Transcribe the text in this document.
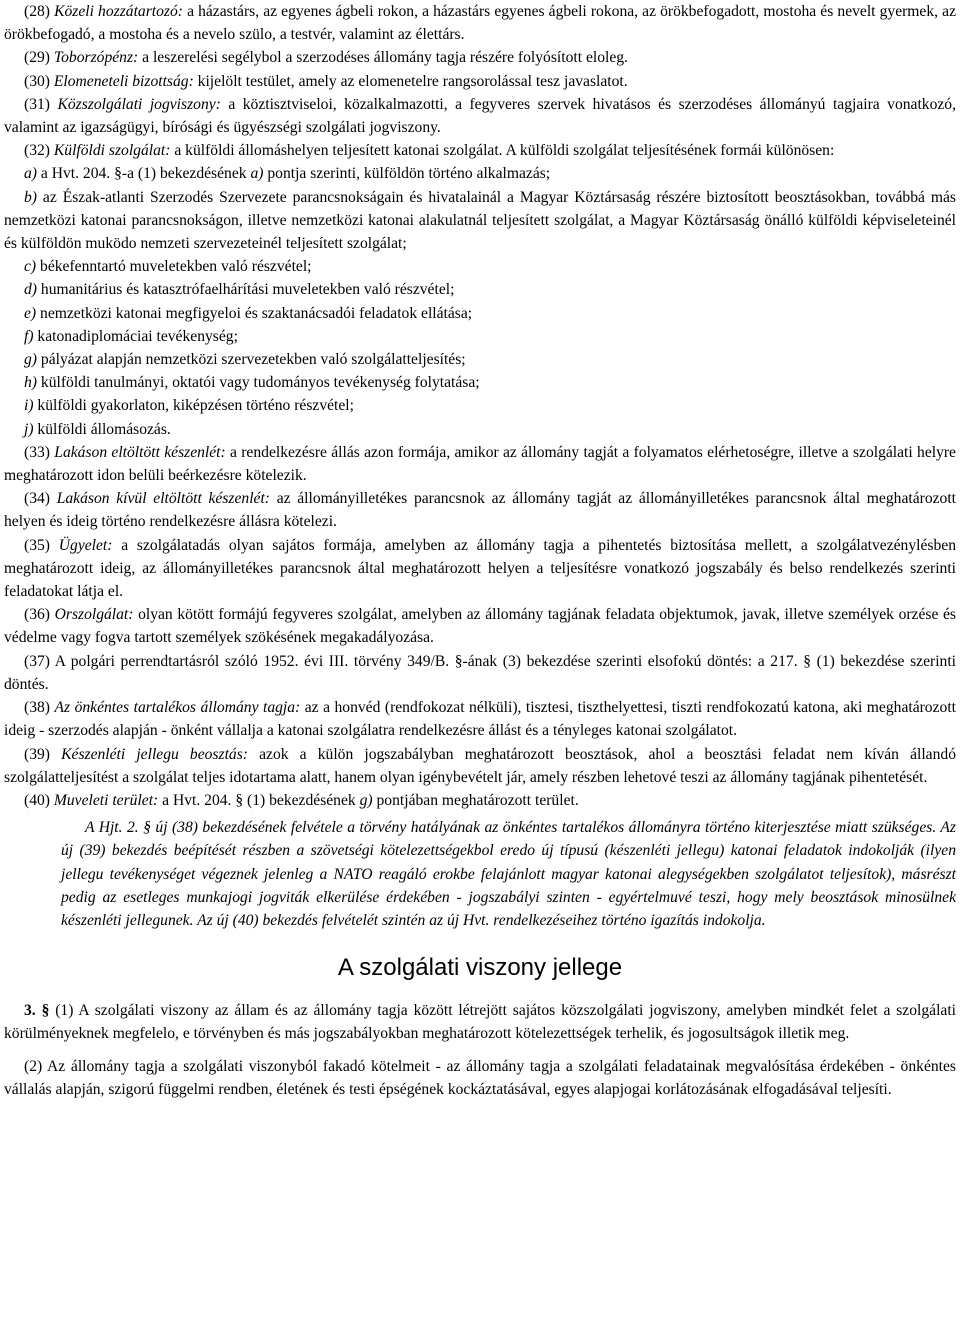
(28) Közeli hozzátartozó: a házastárs, az egyenes ágbeli rokon, a házastárs egyenes ágbeli rokona, az örökbefogadott, mostoha és nevelt gyermek, az örökbefogadó, a mostoha és a nevelo szülo, a testvér, valamint az élettárs.

(29) Toborzópénz: a leszerelési segélybol a szerzodéses állomány tagja részére folyósított eloleg.

(30) Elomeneteli bizottság: kijelölt testület, amely az elomenetelre rangsorolással tesz javaslatot.

(31) Közszolgálati jogviszony: a köztisztviseloi, közalkalmazotti, a fegyveres szervek hivatásos és szerzodéses állományú tagjaira vonatkozó, valamint az igazságügyi, bírósági és ügyészségi szolgálati jogviszony.

(32) Külföldi szolgálat: a külföldi állomáshelyen teljesített katonai szolgálat. A külföldi szolgálat teljesítésének formái különösen:

a) a Hvt. 204. §-a (1) bekezdésének a) pontja szerinti, külföldön történo alkalmazás;

b) az Észak-atlanti Szerzodés Szervezete parancsnokságain és hivatalainál a Magyar Köztársaság részére biztosított beosztásokban, továbbá más nemzetközi katonai parancsnokságon, illetve nemzetközi katonai alakulatnál teljesített szolgálat, a Magyar Köztársaság önálló külföldi képviseleteinél és külföldön muködo nemzeti szervezeteinél teljesített szolgálat;

c) békefenntartó muveletekben való részvétel;

d) humanitárius és katasztrófaelhárítási muveletekben való részvétel;

e) nemzetközi katonai megfigyeloi és szaktanácsadói feladatok ellátása;

f) katonadiplomáciai tevékenység;

g) pályázat alapján nemzetközi szervezetekben való szolgálatteljesítés;

h) külföldi tanulmányi, oktatói vagy tudományos tevékenység folytatása;

i) külföldi gyakorlaton, kiképzésen történo részvétel;

j) külföldi állomásozás.

(33) Lakáson eltöltött készenlét: a rendelkezésre állás azon formája, amikor az állomány tagját a folyamatos elérhetoségre, illetve a szolgálati helyre meghatározott idon belüli beérkezésre kötelezik.

(34) Lakáson kívül eltöltött készenlét: az állományilletékes parancsnok az állomány tagját az állományilletékes parancsnok által meghatározott helyen és ideig történo rendelkezésre állásra kötelezi.

(35) Ügyelet: a szolgálatadás olyan sajátos formája, amelyben az állomány tagja a pihentetés biztosítása mellett, a szolgálatvezénylésben meghatározott ideig, az állományilletékes parancsnok által meghatározott helyen a teljesítésre vonatkozó jogszabály és belso rendelkezés szerinti feladatokat látja el.

(36) Orszolgálat: olyan kötött formájú fegyveres szolgálat, amelyben az állomány tagjának feladata objektumok, javak, illetve személyek orzése és védelme vagy fogva tartott személyek szökésének megakadályozása.

(37) A polgári perrendtartásról szóló 1952. évi III. törvény 349/B. §-ának (3) bekezdése szerinti elsofokú döntés: a 217. § (1) bekezdése szerinti döntés.

(38) Az önkéntes tartalékos állomány tagja: az a honvéd (rendfokozat nélküli), tisztesi, tiszthelyettesi, tiszti rendfokozatú katona, aki meghatározott ideig - szerzodés alapján - önként vállalja a katonai szolgálatra rendelkezésre állást és a tényleges katonai szolgálatot.

(39) Készenléti jellegu beosztás: azok a külön jogszabályban meghatározott beosztások, ahol a beosztási feladat nem kíván állandó szolgálatteljesítést a szolgálat teljes idotartama alatt, hanem olyan igénybevételt jár, amely részben lehetové teszi az állomány tagjának pihentetését.

(40) Muveleti terület: a Hvt. 204. § (1) bekezdésének g) pontjában meghatározott terület.

A Hjt. 2. § új (38) bekezdésének felvétele a törvény hatályának az önkéntes tartalékos állományra történo kiterjesztése miatt szükséges. Az új (39) bekezdés beépítését részben a szövetségi kötelezettségekbol eredo új típusú (készenléti jellegu) katonai feladatok indokolják (ilyen jellegu tevékenységet végeznek jelenleg a NATO reagáló erokbe felajánlott magyar katonai alegységekben szolgálatot teljesítok), másrészt pedig az esetleges munkajogi jogviták elkerülése érdekében - jogszabályi szinten - egyértelmuvé teszi, hogy mely beosztások minosülnek készenléti jellegunek. Az új (40) bekezdés felvételét szintén az új Hvt. rendelkezéseihez történo igazítás indokolja.

A szolgálati viszony jellege

3. § (1) A szolgálati viszony az állam és az állomány tagja között létrejött sajátos közszolgálati jogviszony, amelyben mindkét felet a szolgálati körülményeknek megfelelo, e törvényben és más jogszabályokban meghatározott kötelezettségek terhelik, és jogosultságok illetik meg.

(2) Az állomány tagja a szolgálati viszonyból fakadó kötelmeit - az állomány tagja a szolgálati feladatainak megvalósítása érdekében - önkéntes vállalás alapján, szigorú függelmi rendben, életének és testi épségének kockáztatásával, egyes alapjogai korlátozásának elfogadásával teljesíti.
